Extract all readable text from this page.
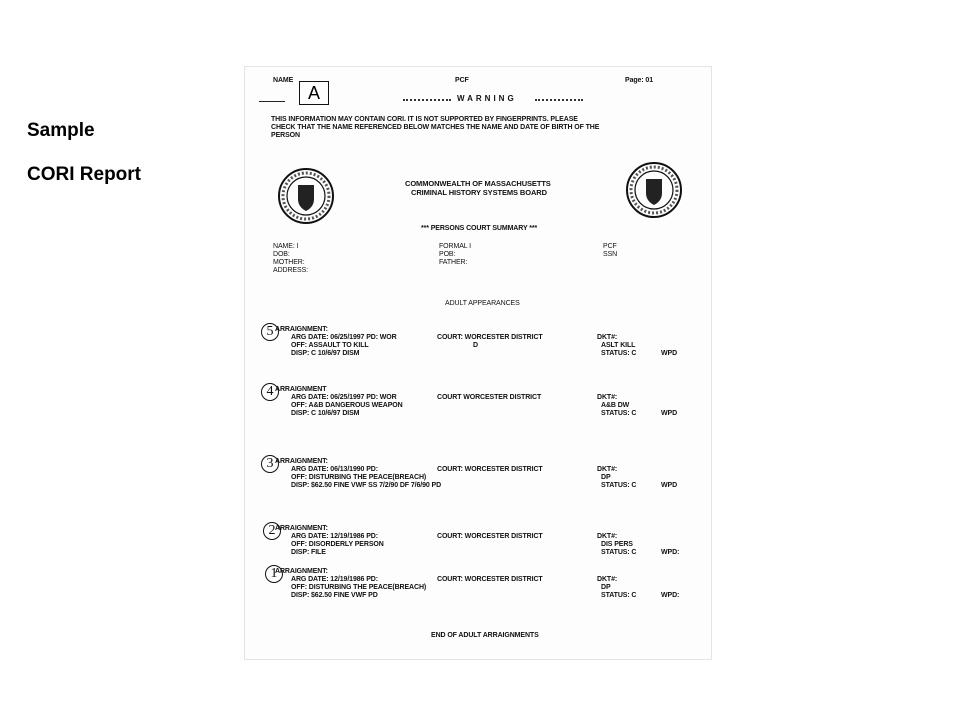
Sample
CORI Report
NAME
A
PCF	Page: 01
WARNING
THIS INFORMATION MAY CONTAIN CORI. IT IS NOT SUPPORTED BY FINGERPRINTS. PLEASE
CHECK THAT THE NAME REFERENCED BELOW MATCHES THE NAME AND DATE OF BIRTH OF THE
PERSON
COMMONWEALTH OF MASSACHUSETTS
CRIMINAL HISTORY SYSTEMS BOARD
*** PERSONS COURT SUMMARY ***
NAME: I
DOB:
MOTHER:
ADDRESS:
FORMAL I
POB:
FATHER:
PCF
SSN
ADULT APPEARANCES
5 ARRAIGNMENT:
ARG DATE: 06/25/1997 PD: WOR	COURT: WORCESTER DISTRICT
D
OFF: ASSAULT TO KILL
DISP: C 10/6/97 DISM
DKT#:
ASLT KILL
STATUS: C	WPD
4 ARRAIGNMENT
ARG DATE: 06/25/1997 PD: WOR	COURT WORCESTER DISTRICT
OFF: A&B DANGEROUS WEAPON
DISP: C 10/6/97 DISM
DKT#:
A&B DW
STATUS: C	WPD
3 ARRAIGNMENT:
ARG DATE: 06/13/1990 PD:	COURT: WORCESTER DISTRICT
OFF: DISTURBING THE PEACE(BREACH)
DISP: $62.50 FINE VWF SS 7/2/90 DF 7/6/90 PD
DKT#:
DP
STATUS: C	WPD
2 ARRAIGNMENT:
ARG DATE: 12/19/1986 PD:	COURT: WORCESTER DISTRICT
OFF: DISORDERLY PERSON
DISP: FILE
DKT#:
DIS PERS
STATUS: C	WPD:
1
ARRAIGNMENT:
ARG DATE: 12/19/1986 PD:	COURT: WORCESTER DISTRICT
OFF: DISTURBING THE PEACE(BREACH)
DISP: $62.50 FINE VWF PD
DKT#:
DP
STATUS: C	WPD:
END OF ADULT ARRAIGNMENTS
